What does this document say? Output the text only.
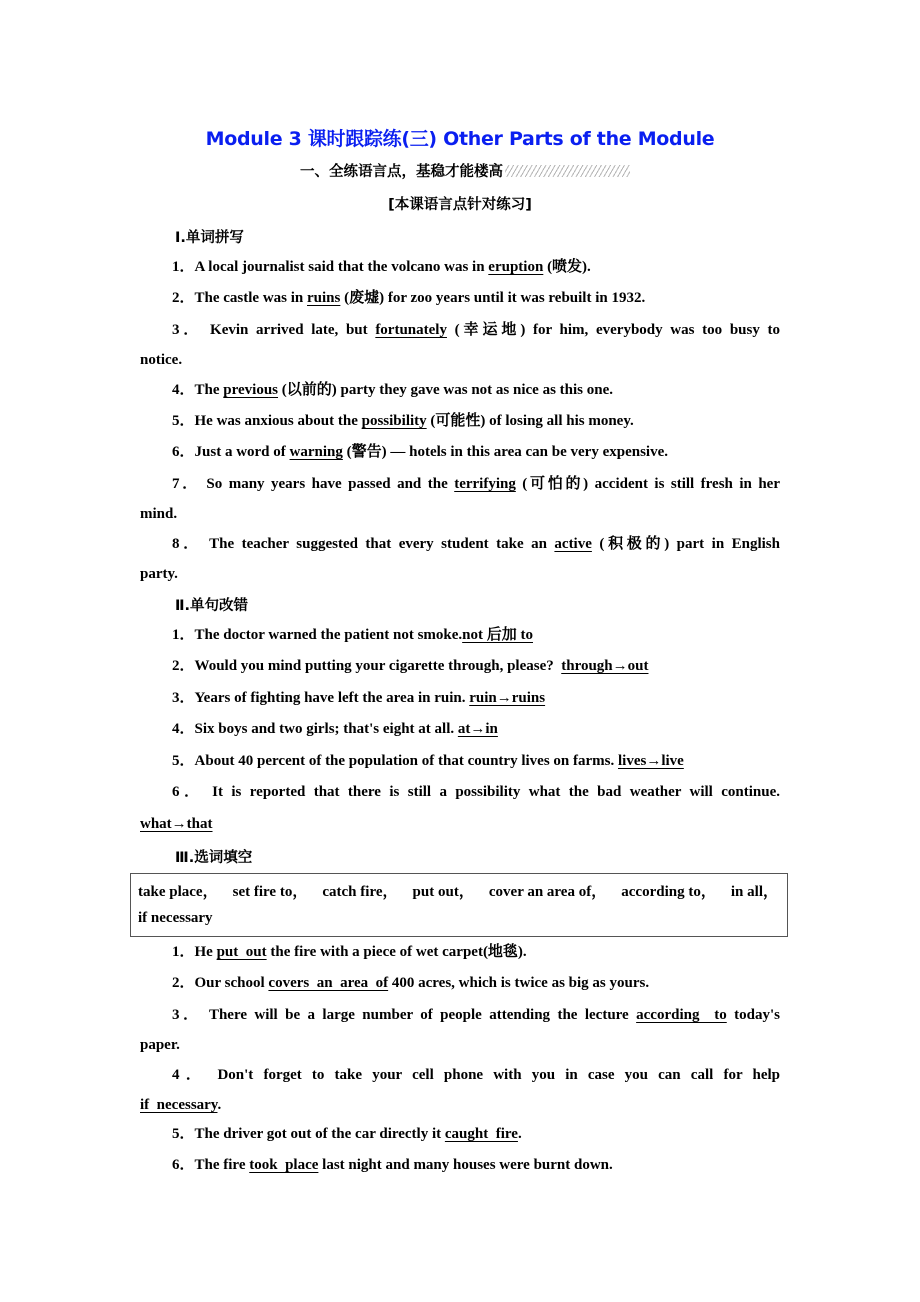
Module 3 课时跟踪练(三) Other Parts of the Module
一、全练语言点，基稳才能楼高
[本课语言点针对练习]
Ⅰ.单词拼写
1．A local journalist said that the volcano was in eruption (喷发).
2．The castle was in ruins (废墟) for zoo years until it was rebuilt in 1932.
3． Kevin arrived late, but fortunately (幸运地) for him, everybody was too busy to
notice.
4．The previous (以前的) party they gave was not as nice as this one.
5．He was anxious about the possibility (可能性) of losing all his money.
6．Just a word of warning (警告) — hotels in this area can be very expensive.
7． So many years have passed and the terrifying (可怕的) accident is still fresh in her
mind.
8． The teacher suggested that every student take an active (积极的) part in English
party.
Ⅱ.单句改错
1．The doctor warned the patient not smoke.not 后加 to
2．Would you mind putting your cigarette through, please?  through→out
3．Years of fighting have left the area in ruin. ruin→ruins
4．Six boys and two girls; that's eight at all. at→in
5．About 40 percent of the population of that country lives on farms. lives→live
6． It is reported that there is still a possibility what the bad weather will continue.
what→that
Ⅲ.选词填空
take place， set fire to， catch fire， put out， cover an area of， according to， in all，
if necessary
1．He put  out the fire with a piece of wet carpet(地毯).
2．Our school covers  an  area  of 400 acres, which is twice as big as yours.
3． There will be a large number of people attending the lecture according  to today's
paper.
4． Don't forget to take your cell phone with you in case you can call for help
if  necessary.
5．The driver got out of the car directly it caught  fire.
6．The fire took  place last night and many houses were burnt down.
